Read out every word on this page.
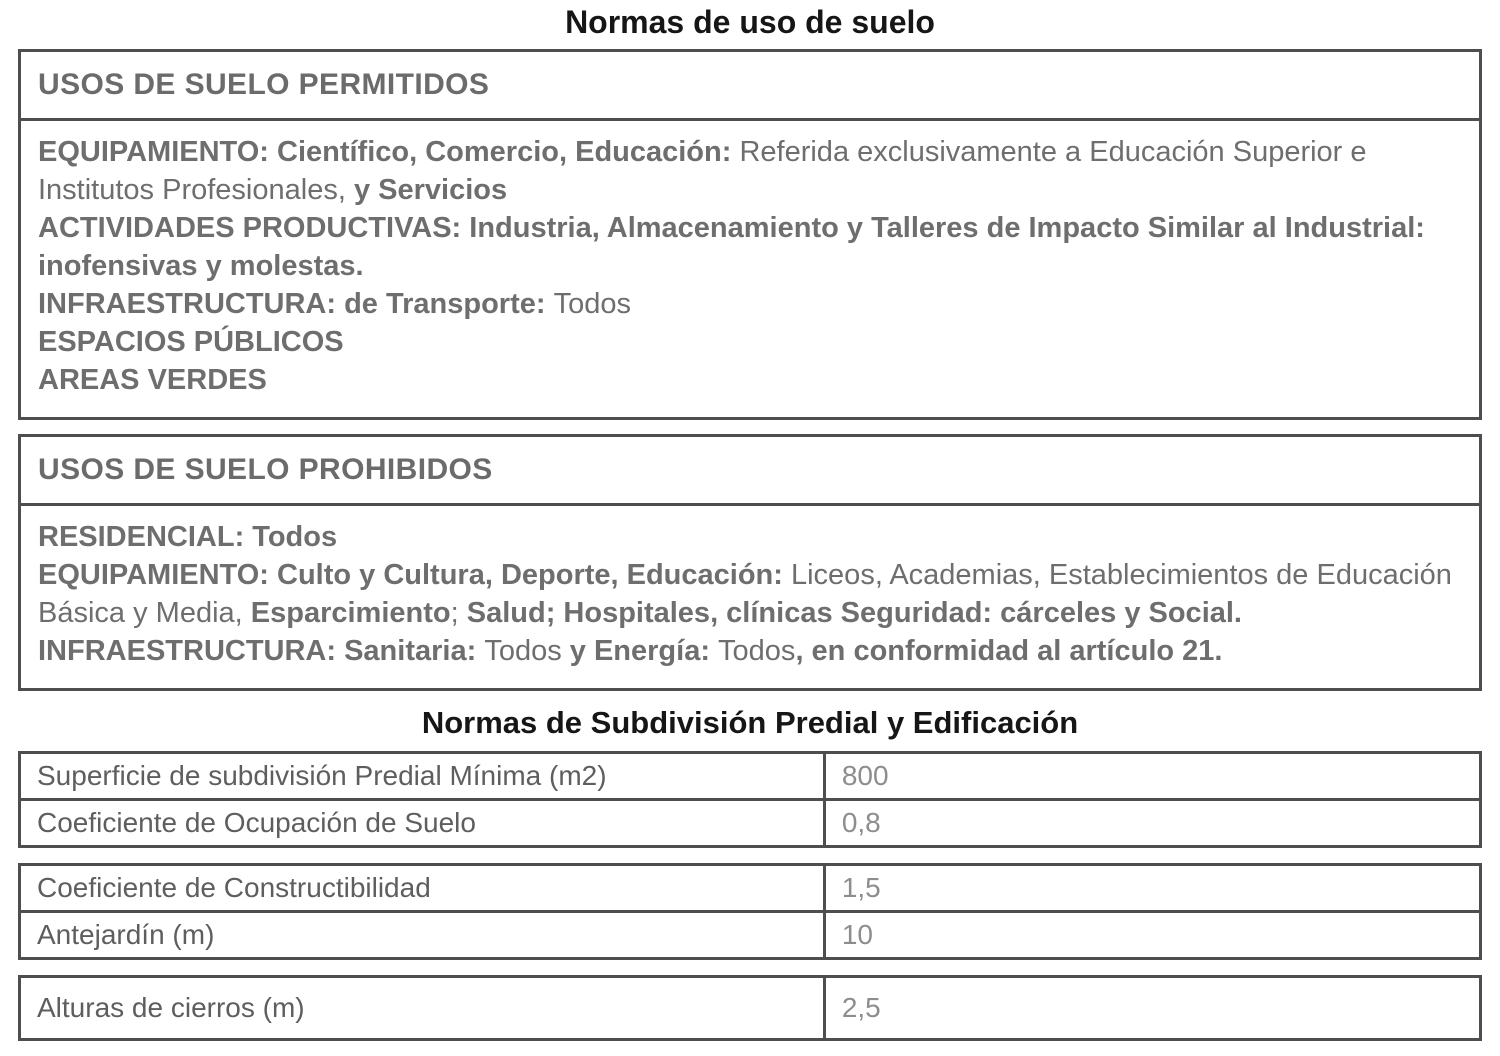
Normas de uso de suelo
USOS DE SUELO PERMITIDOS

EQUIPAMIENTO: Científico, Comercio, Educación: Referida exclusivamente a Educación Superior e Institutos Profesionales, y Servicios

ACTIVIDADES PRODUCTIVAS: Industria, Almacenamiento y Talleres de Impacto Similar al Industrial: inofensivas y molestas.

INFRAESTRUCTURA: de Transporte: Todos

ESPACIOS PÚBLICOS

AREAS VERDES

USOS DE SUELO PROHIBIDOS

RESIDENCIAL: Todos

EQUIPAMIENTO: Culto y Cultura, Deporte, Educación: Liceos, Academias, Establecimientos de Educación Básica y Media, Esparcimiento; Salud; Hospitales, clínicas Seguridad: cárceles y Social.

INFRAESTRUCTURA: Sanitaria: Todos y Energía: Todos, en conformidad al artículo 21.

Normas de Subdivisión Predial y Edificación
Superficie de subdivisión Predial Mínima (m2)	800
Coeficiente de Ocupación de Suelo	0,8
Coeficiente de Constructibilidad	1,5
Antejardín (m)	10
Alturas de cierros (m)	2,5
